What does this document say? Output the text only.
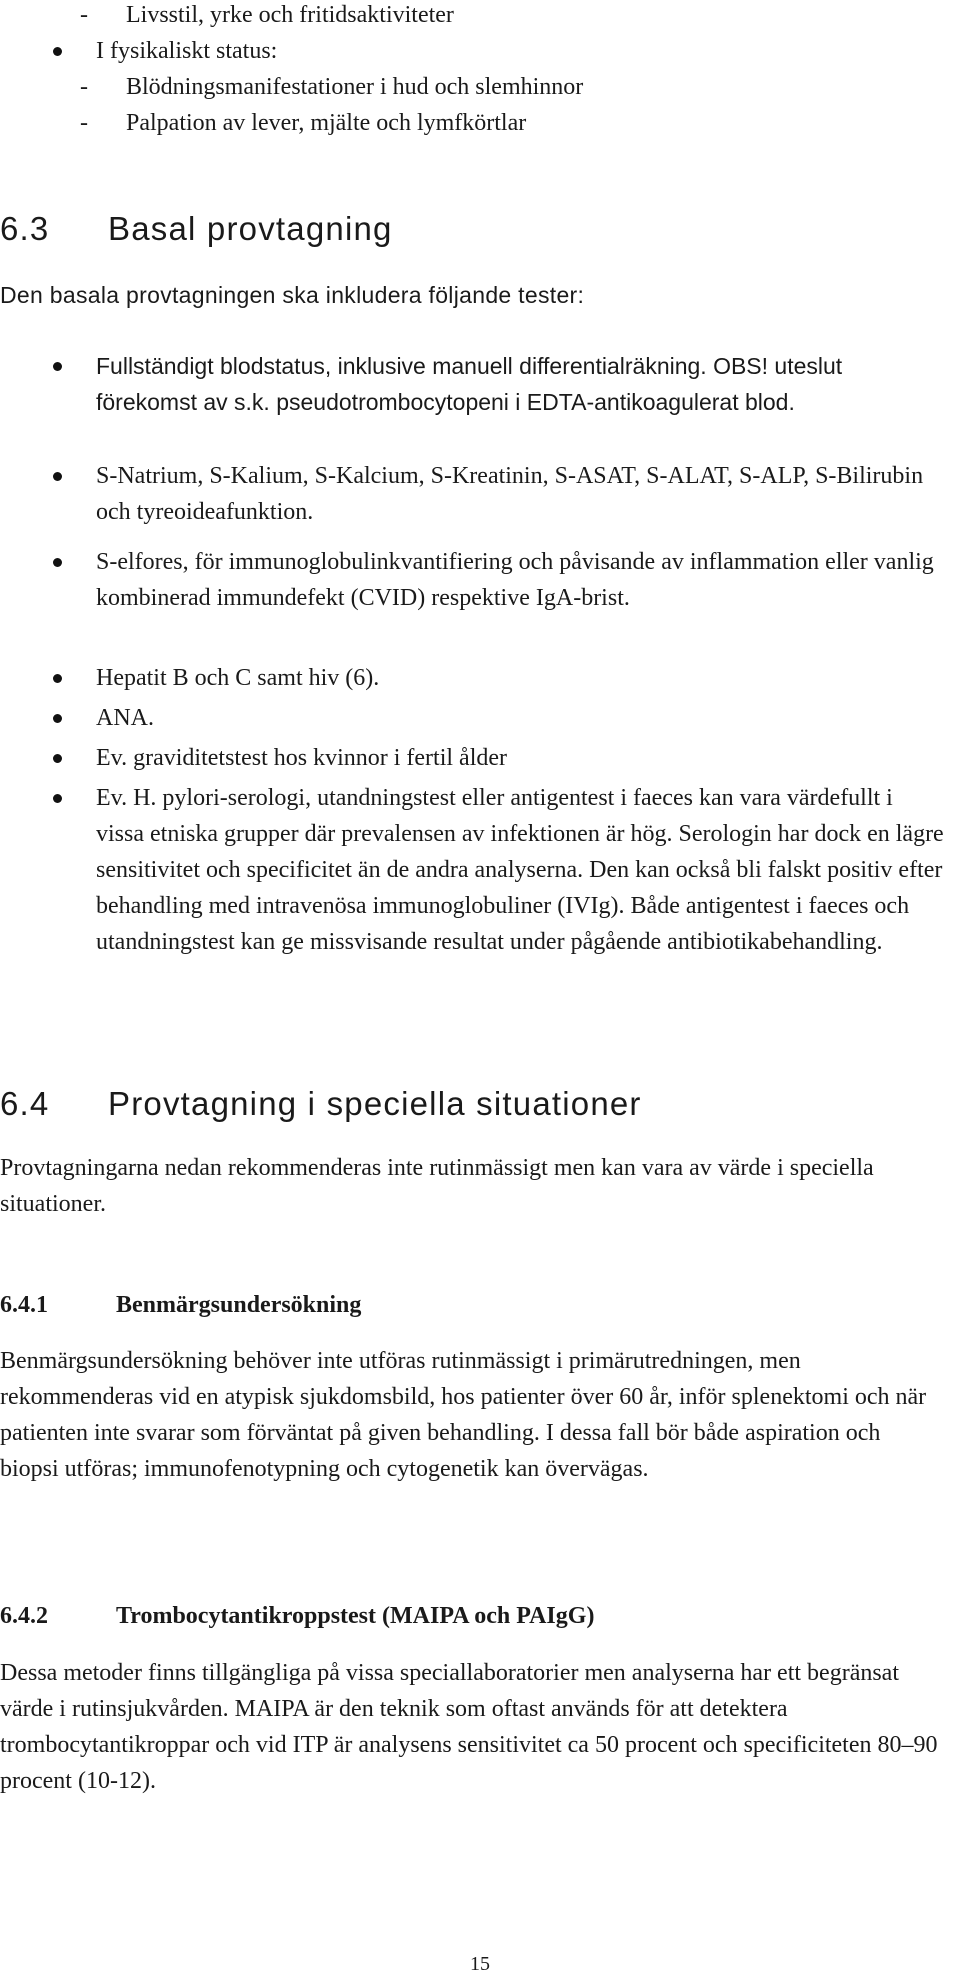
- Livsstil, yrke och fritidsaktiviteter
I fysikaliskt status:
- Blödningsmanifestationer i hud och slemhinnor
- Palpation av lever, mjälte och lymfkörtlar
6.3 Basal provtagning
Den basala provtagningen ska inkludera följande tester:
Fullständigt blodstatus, inklusive manuell differentialräkning. OBS! uteslut förekomst av s.k. pseudotrombocytopeni i EDTA-antikoagulerat blod.
S-Natrium, S-Kalium, S-Kalcium, S-Kreatinin, S-ASAT, S-ALAT, S-ALP, S-Bilirubin och tyreoideafunktion.
S-elfores, för immunoglobulinkvantifiering och påvisande av inflammation eller vanlig kombinerad immundefekt (CVID) respektive IgA-brist.
Hepatit B och C samt hiv (6).
ANA.
Ev. graviditetstest hos kvinnor i fertil ålder
Ev. H. pylori-serologi, utandningstest eller antigentest i faeces kan vara värdefullt i vissa etniska grupper där prevalensen av infektionen är hög. Serologin har dock en lägre sensitivitet och specificitet än de andra analyserna. Den kan också bli falskt positiv efter behandling med intravenösa immunoglobuliner (IVIg). Både antigentest i faeces och utandningstest kan ge missvisande resultat under pågående antibiotikabehandling.
6.4 Provtagning i speciella situationer
Provtagningarna nedan rekommenderas inte rutinmässigt men kan vara av värde i speciella situationer.
6.4.1	Benmärgsundersökning
Benmärgsundersökning behöver inte utföras rutinmässigt i primärutredningen, men rekommenderas vid en atypisk sjukdomsbild, hos patienter över 60 år, inför splenektomi och när patienten inte svarar som förväntat på given behandling. I dessa fall bör både aspiration och biopsi utföras; immunofenotypning och cytogenetik kan övervägas.
6.4.2	Trombocytantikroppstest (MAIPA och PAIgG)
Dessa metoder finns tillgängliga på vissa speciallaboratorier men analyserna har ett begränsat värde i rutinsjukvården. MAIPA är den teknik som oftast används för att detektera trombocytantikroppar och vid ITP är analysens sensitivitet ca 50 procent och specificiteten 80–90 procent (10-12).
15
